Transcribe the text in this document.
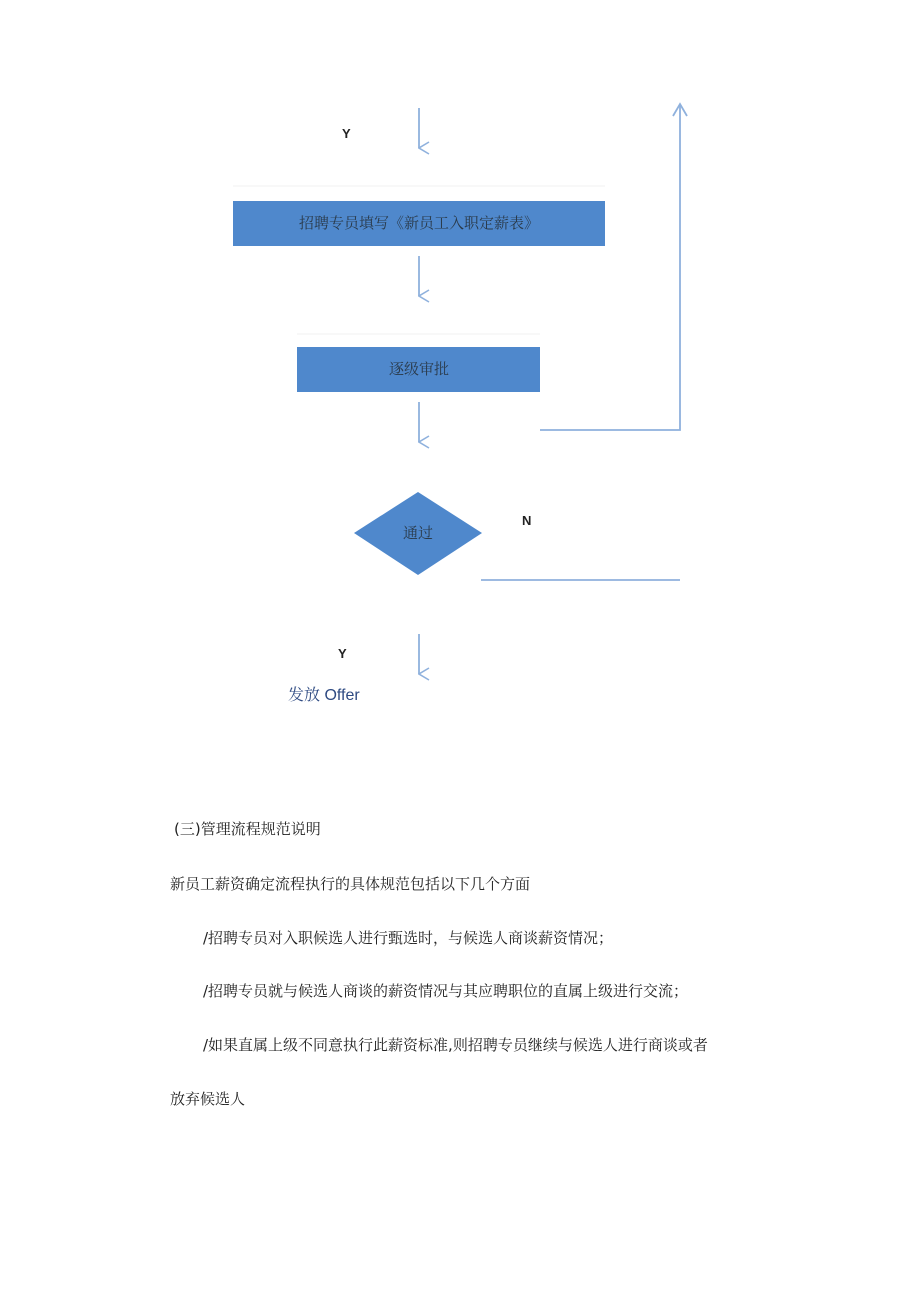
Y
招聘专员填写《新员工入职定薪表》
逐级审批
通过
N
Y
发放 Offer

(三)管理流程规范说明

新员工薪资确定流程执行的具体规范包括以下几个方面

/招聘专员对入职候选人进行甄选时，与候选人商谈薪资情况；

/招聘专员就与候选人商谈的薪资情况与其应聘职位的直属上级进行交流；

/如果直属上级不同意执行此薪资标准,则招聘专员继续与候选人进行商谈或者

放弃候选人
